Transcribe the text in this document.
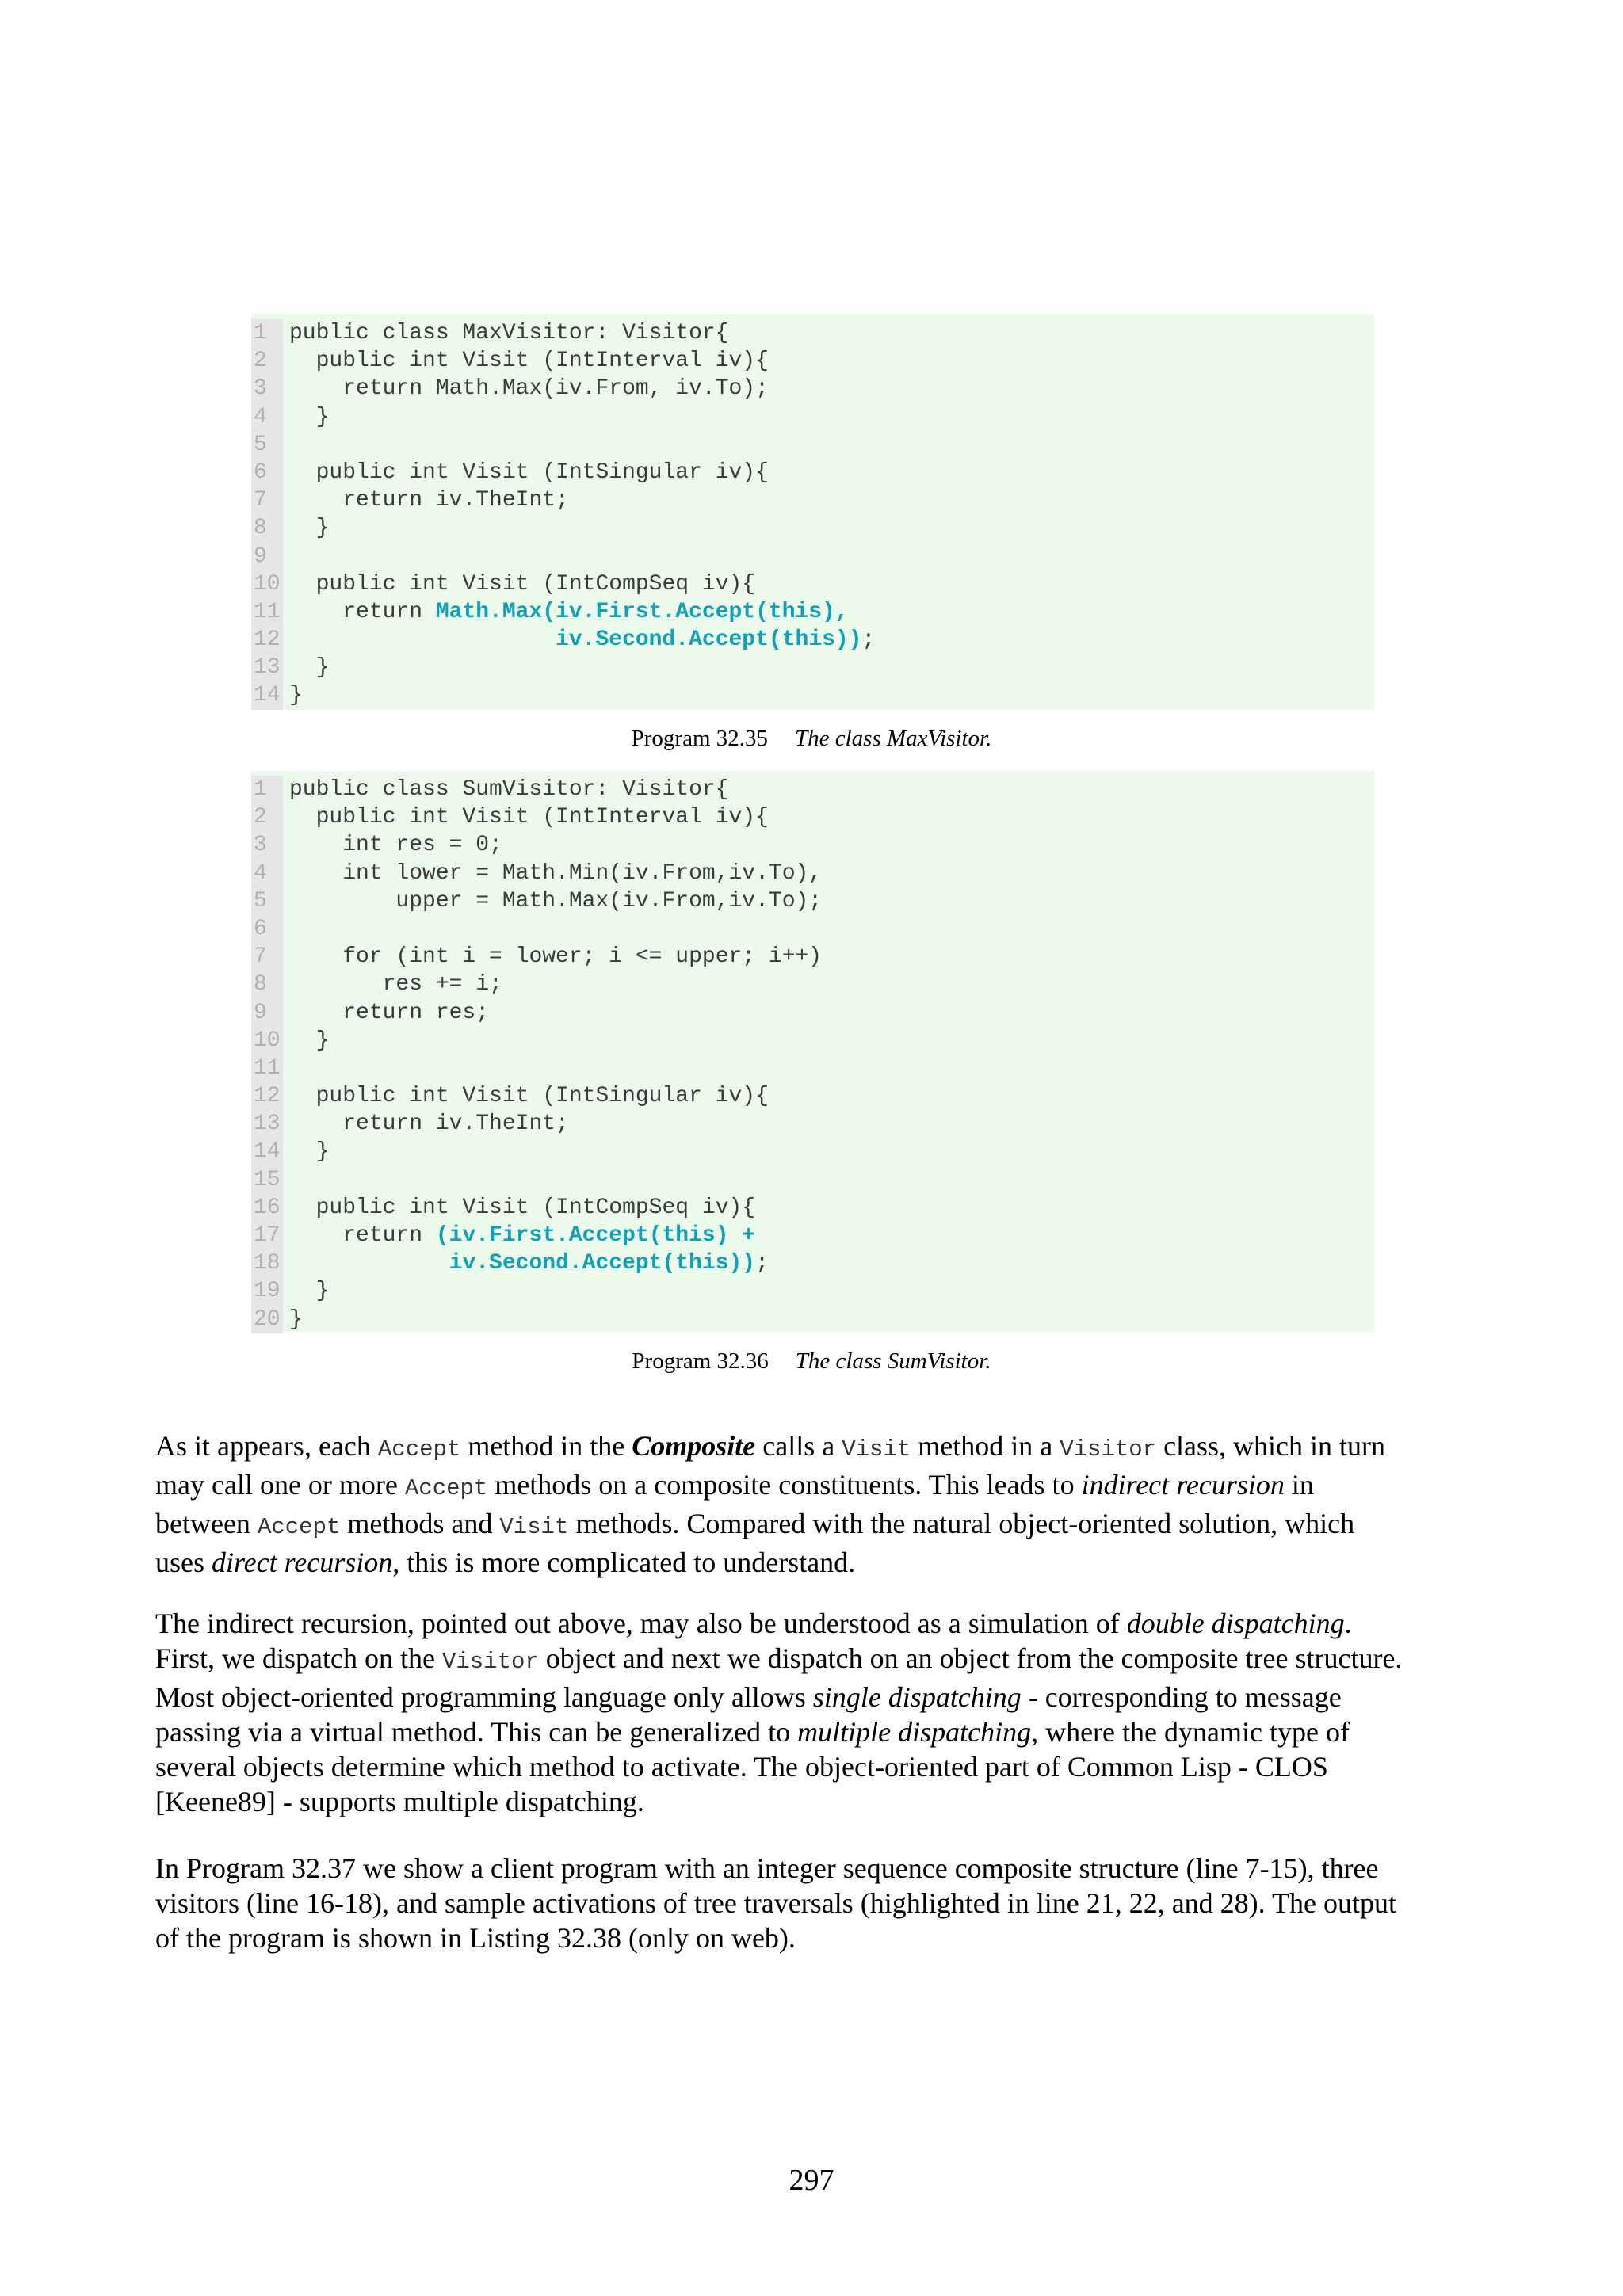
1	public class MaxVisitor: Visitor{
2	public int Visit (IntInterval iv){
3	return Math.Max(iv.From, iv.To);
4	}
5
6	public int Visit (IntSingular iv){
7	return iv.TheInt;
8	}
9
10 public int Visit (IntCompSeq iv){
11 return Math.Max(iv.First.Accept(this),
12	iv.Second.Accept(this));
13 }
14 }
Program 32.35 The class MaxVisitor.
1	public class SumVisitor: Visitor{
2	public int Visit (IntInterval iv){
3	int res = 0;
4	int lower = Math.Min(iv.From,iv.To),
5	upper = Math.Max(iv.From,iv.To);
6
7	for (int i = lower; i <= upper; i++)
8	res += i;
9	return res;
10 }
11
12 public int Visit (IntSingular iv){
13 return iv.TheInt;
14 }
15
16 public int Visit (IntCompSeq iv){
17 return (iv.First.Accept(this) +
18	iv.Second.Accept(this));
19 }
20 }
Program 32.36 The class SumVisitor.
As it appears, each Accept method in the Composite calls a Visit method in a Visitor class, which in turn
may call one or more Accept methods on a composite constituents. This leads to indirect recursion in
between Accept methods and Visit methods. Compared with the natural object-oriented solution, which
uses direct recursion, this is more complicated to understand.
The indirect recursion, pointed out above, may also be understood as a simulation of double dispatching.
First, we dispatch on the Visitor object and next we dispatch on an object from the composite tree structure.
Most object-oriented programming language only allows single dispatching - corresponding to message
passing via a virtual method. This can be generalized to multiple dispatching, where the dynamic type of
several objects determine which method to activate. The object-oriented part of Common Lisp - CLOS
[Keene89] - supports multiple dispatching.
In Program 32.37 we show a client program with an integer sequence composite structure (line 7-15), three
visitors (line 16-18), and sample activations of tree traversals (highlighted in line 21, 22, and 28). The output
of the program is shown in Listing 32.38 (only on web).
297
